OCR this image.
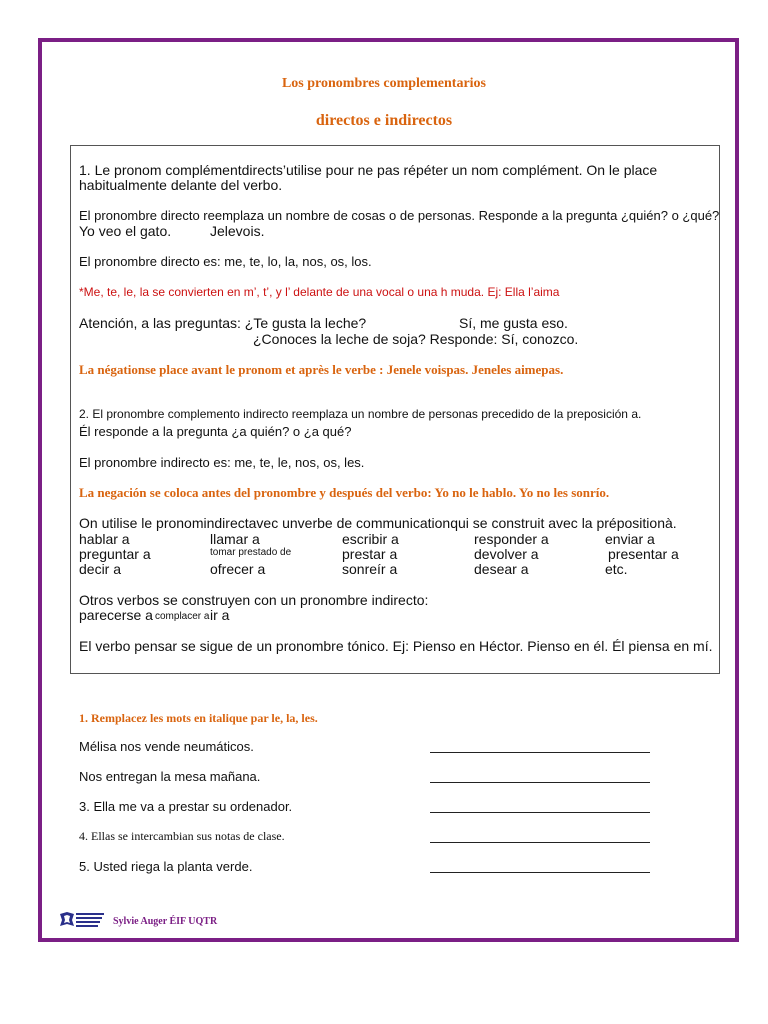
Los pronombres complementarios
directos e indirectos
1. Le pronom complémentdirects’utilise pour ne pas répéter un nom complément. On le place
habitualmente delante del verbo.
El pronombre directo reemplaza un nombre de cosas o de personas. Responde a la pregunta ¿quién? o ¿qué?
Yo veo el gato.	Jelevois.
El pronombre directo es: me, te, lo, la, nos, os, los.
*Me, te, le, la se convierten en m’, t’, y l’ delante de una vocal o una h muda. Ej: Ella l’aima
Atención, a las preguntas: ¿Te gusta la leche?	Sí, me gusta eso.
¿Conoces la leche de soja? Responde: Sí, conozco.
La négationse place avant le pronom et après le verbe : Jenele voispas. Jeneles aimepas.
2. El pronombre complemento indirecto reemplaza un nombre de personas precedido de la preposición a.
Él responde a la pregunta ¿a quién? o ¿a qué?
El pronombre indirecto es: me, te, le, nos, os, les.
La negación se coloca antes del pronombre y después del verbo: Yo no le hablo. Yo no les sonrío.
On utilise le pronomindirectavec unverbe de communicationqui se construit avec la prépositionà.
hablar a	llamar a	escribir a	responder a	enviar a
preguntar a	tomar prestado de	prestar a	devolver a	presentar a
decir a	ofrecer a	sonreír a	desear a	etc.
Otros verbos se construyen con un pronombre indirecto:
parecerse a complacer a ir a
El verbo pensar se sigue de un pronombre tónico. Ej: Pienso en Héctor. Pienso en él. Él piensa en mí.
1. Remplacez les mots en italique par le, la, les.
Mélisa nos vende neumáticos.
Nos entregan la mesa mañana.
3. Ella me va a prestar su ordenador.
4. Ellas se intercambian sus notas de clase.
5. Usted riega la planta verde.
Sylvie Auger ÉIF UQTR
